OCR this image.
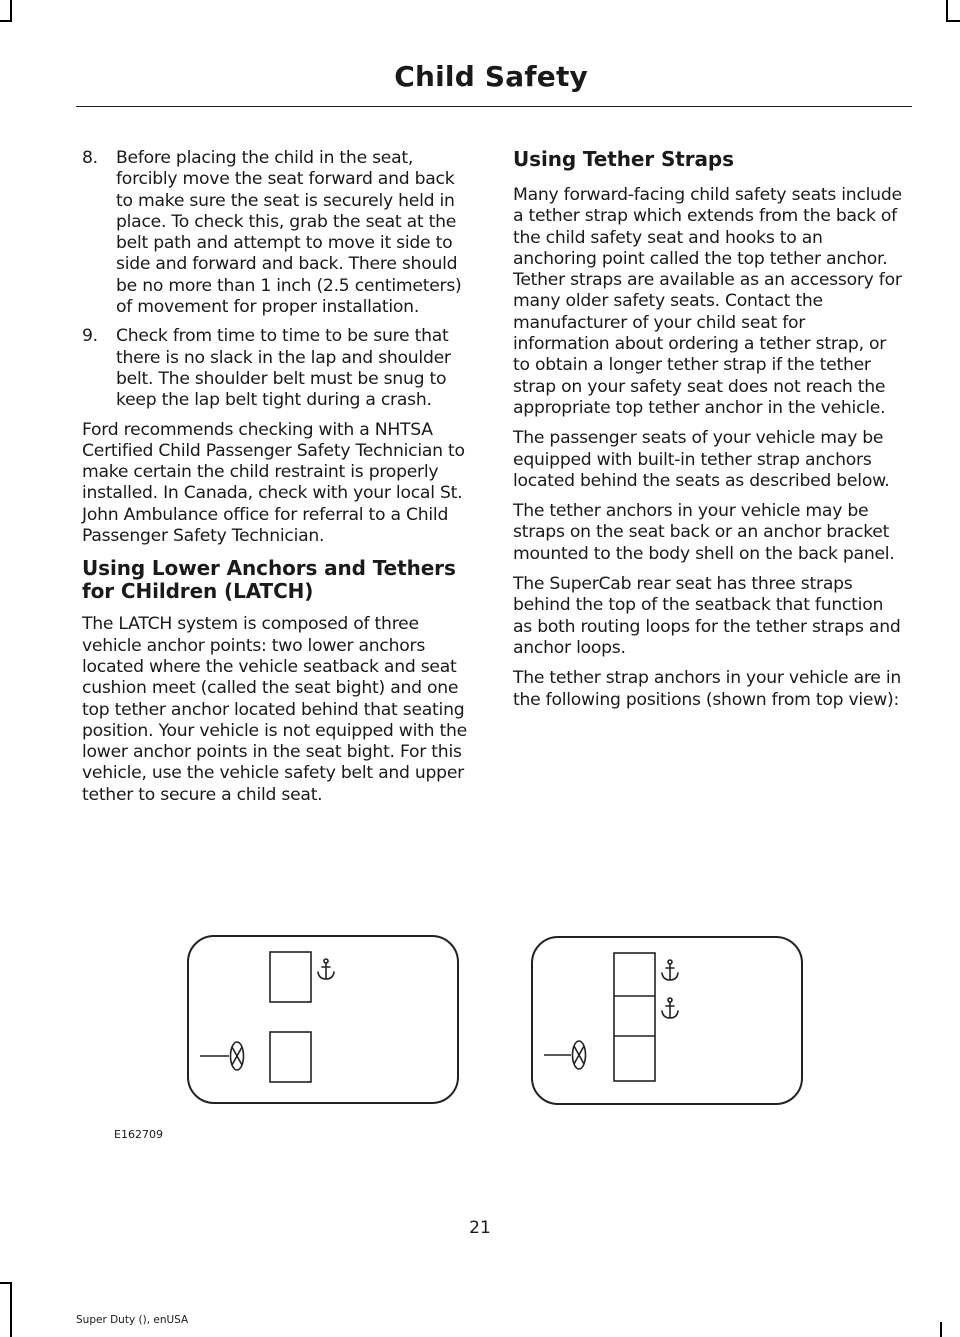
Child Safety
8.	Before placing the child in the seat, forcibly move the seat forward and back to make sure the seat is securely held in place. To check this, grab the seat at the belt path and attempt to move it side to side and forward and back. There should be no more than 1 inch (2.5 centimeters) of movement for proper installation.
9.	Check from time to time to be sure that there is no slack in the lap and shoulder belt. The shoulder belt must be snug to keep the lap belt tight during a crash.

Ford recommends checking with a NHTSA Certified Child Passenger Safety Technician to make certain the child restraint is properly installed. In Canada, check with your local St. John Ambulance office for referral to a Child Passenger Safety Technician.

Using Lower Anchors and Tethers for CHildren (LATCH)

The LATCH system is composed of three vehicle anchor points: two lower anchors located where the vehicle seatback and seat cushion meet (called the seat bight) and one top tether anchor located behind that seating position. Your vehicle is not equipped with the lower anchor points in the seat bight. For this vehicle, use the vehicle safety belt and upper tether to secure a child seat.

Using Tether Straps

Many forward-facing child safety seats include a tether strap which extends from the back of the child safety seat and hooks to an anchoring point called the top tether anchor. Tether straps are available as an accessory for many older safety seats. Contact the manufacturer of your child seat for information about ordering a tether strap, or to obtain a longer tether strap if the tether strap on your safety seat does not reach the appropriate top tether anchor in the vehicle.

The passenger seats of your vehicle may be equipped with built-in tether strap anchors located behind the seats as described below.

The tether anchors in your vehicle may be straps on the seat back or an anchor bracket mounted to the body shell on the back panel.

The SuperCab rear seat has three straps behind the top of the seatback that function as both routing loops for the tether straps and anchor loops.

The tether strap anchors in your vehicle are in the following positions (shown from top view):

E162709
21
Super Duty (), enUSA
